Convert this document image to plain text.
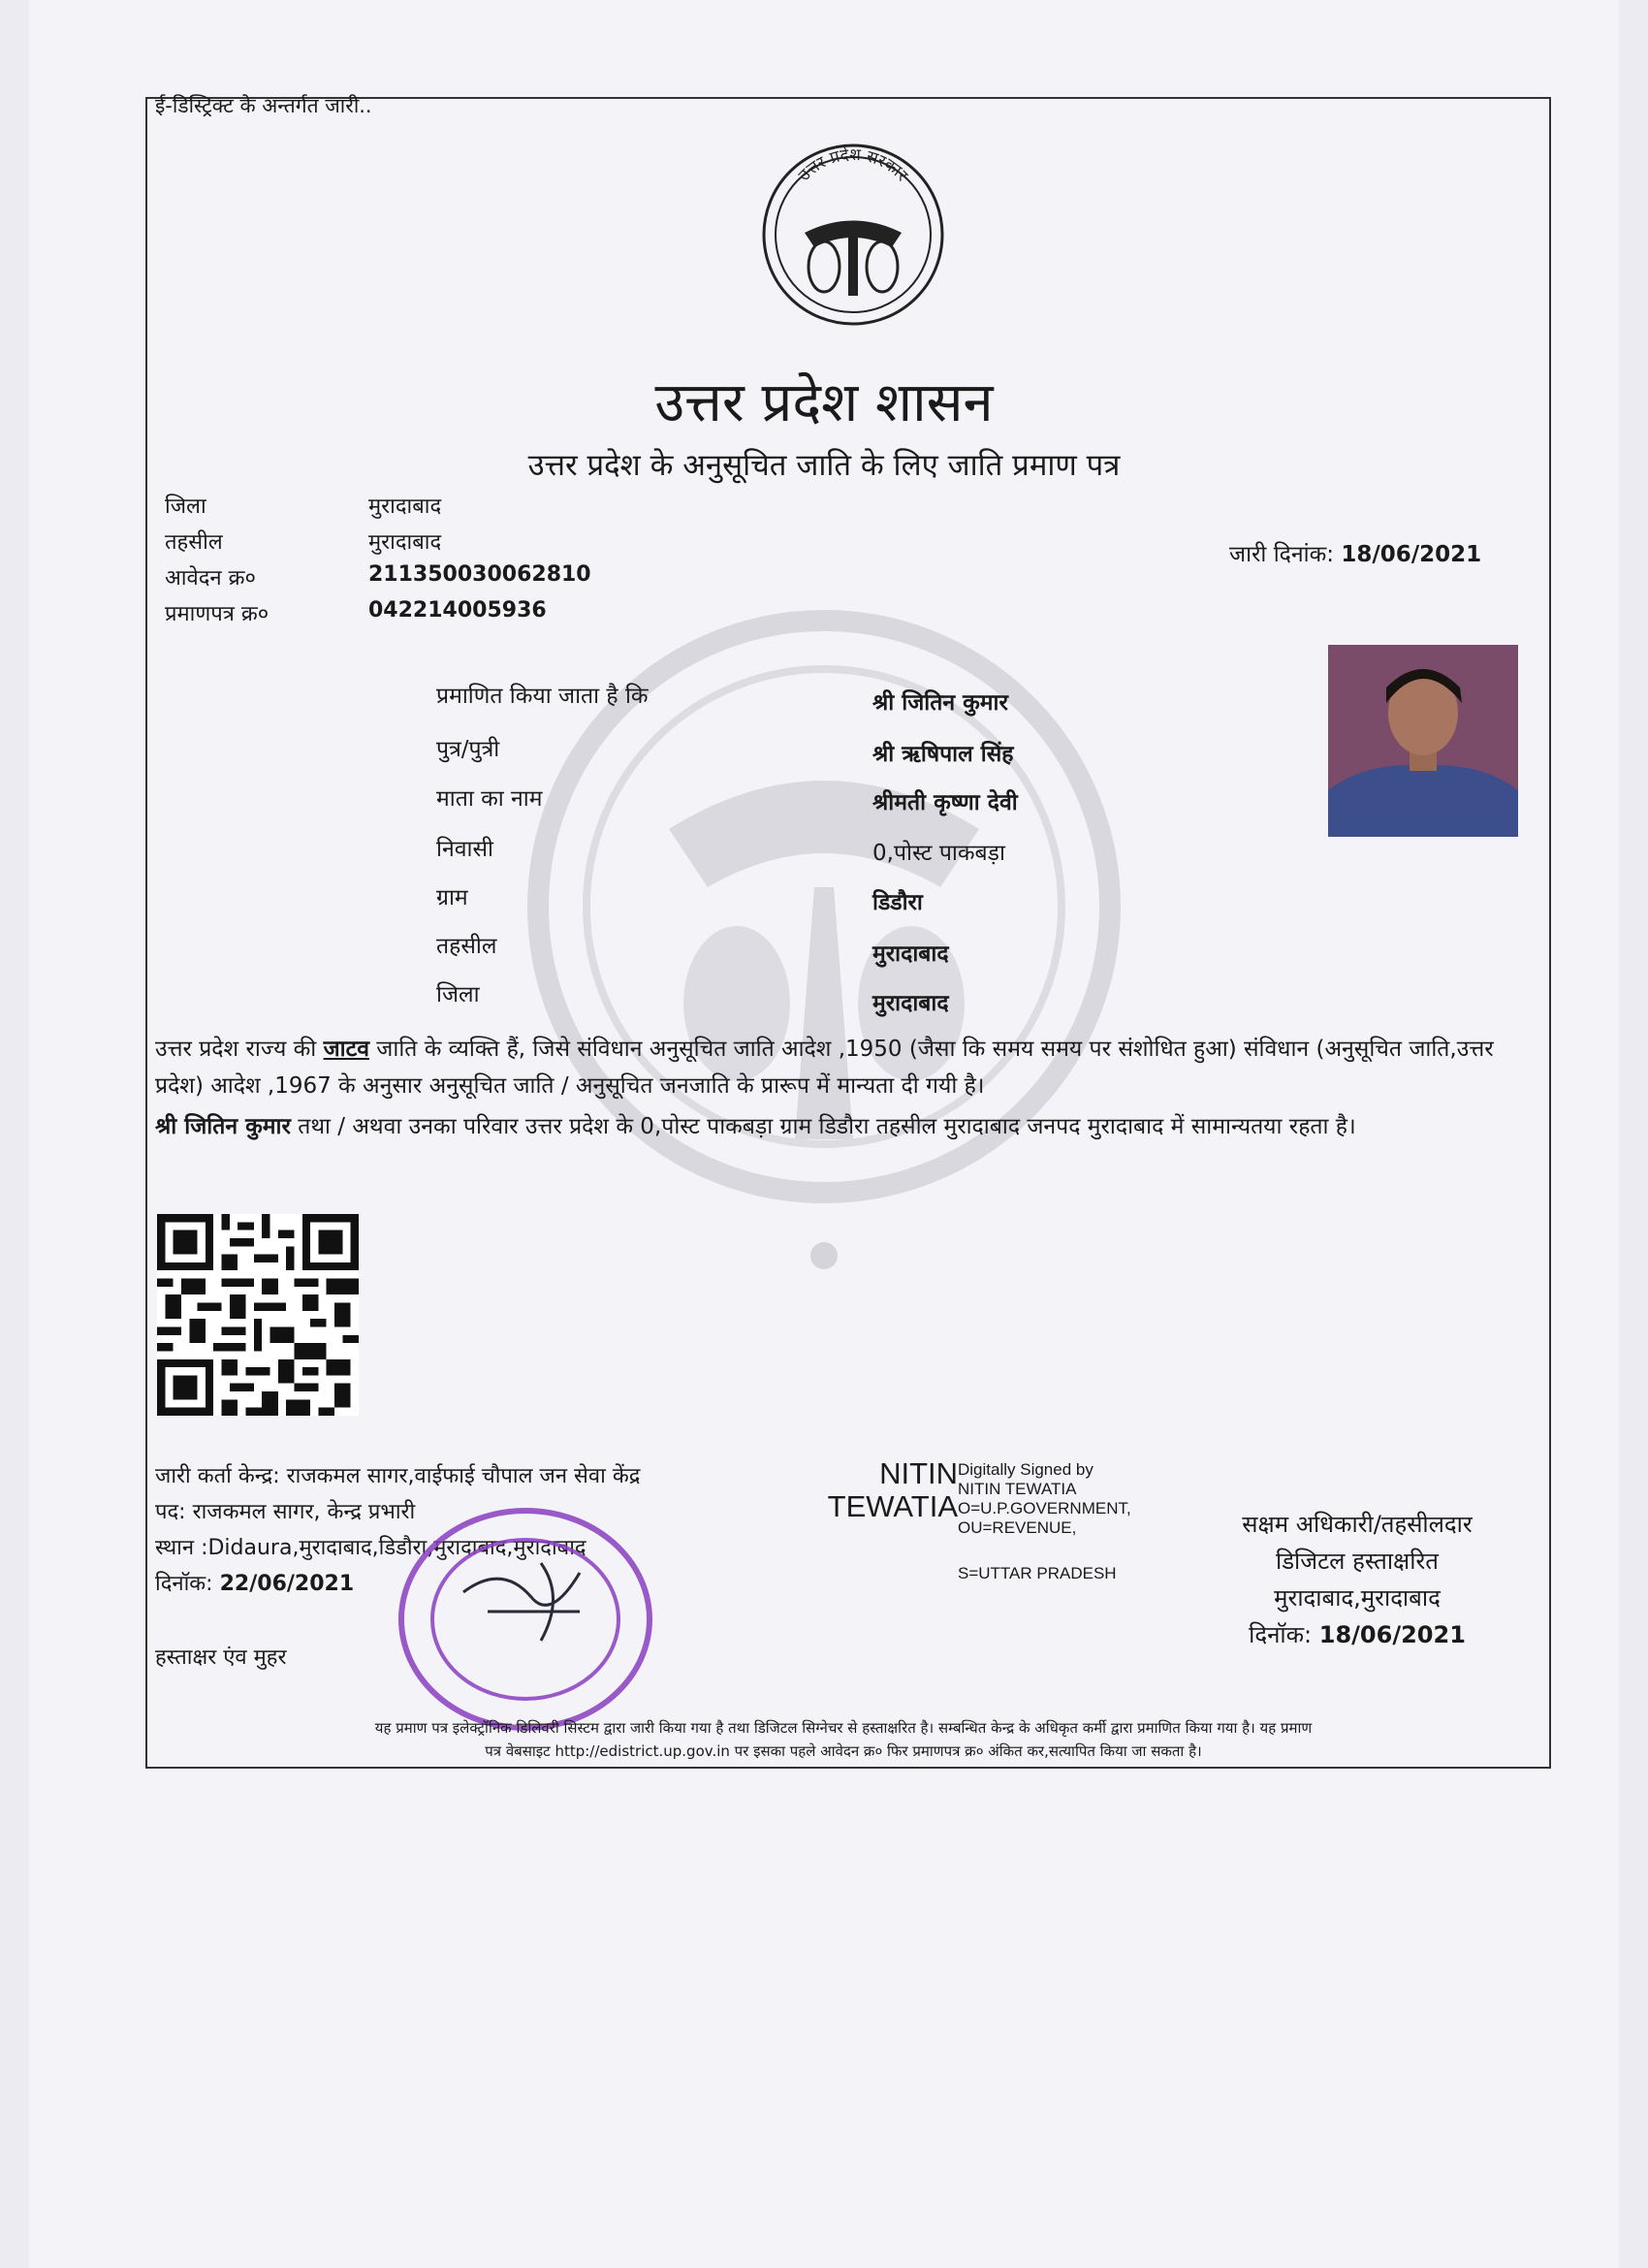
ई-डिस्ट्रिक्ट के अन्तर्गत जारी..
उत्तर प्रदेश सरकार
उत्तर प्रदेश शासन
उत्तर प्रदेश के अनुसूचित जाति के लिए जाति प्रमाण पत्र
जिला	मुरादाबाद
तहसील	मुरादाबाद
आवेदन क्र०	211350030062810
प्रमाणपत्र क्र०	042214005936
जारी दिनांक: 18/06/2021
प्रमाणित किया जाता है कि	श्री जितिन कुमार
पुत्र/पुत्री	श्री ऋषिपाल सिंह
माता का नाम	श्रीमती कृष्णा देवी
निवासी	0,पोस्ट पाकबड़ा
ग्राम	डिडौरा
तहसील	मुरादाबाद
जिला	मुरादाबाद
उत्तर प्रदेश राज्य की जाटव जाति के व्यक्ति हैं, जिसे संविधान अनुसूचित जाति आदेश ,1950 (जैसा कि समय समय पर संशोधित हुआ) संविधान (अनुसूचित जाति,उत्तर प्रदेश) आदेश ,1967 के अनुसार अनुसूचित जाति / अनुसूचित जनजाति के प्रारूप में मान्यता दी गयी है।
श्री जितिन कुमार तथा / अथवा उनका परिवार उत्तर प्रदेश के 0,पोस्ट पाकबड़ा ग्राम डिडौरा तहसील मुरादाबाद जनपद मुरादाबाद में सामान्यतया रहता है।
जारी कर्ता केन्द्र: राजकमल सागर,वाईफाई चौपाल जन सेवा केंद्र
पद: राजकमल सागर, केन्द्र प्रभारी
स्थान :Didaura,मुरादाबाद,डिडौरा,मुरादाबाद,मुरादाबाद
दिनॉक: 22/06/2021
हस्ताक्षर एंव मुहर
NITIN
TEWATIA
Digitally Signed by
NITIN TEWATIA
O=U.P.GOVERNMENT,
OU=REVENUE,
S=UTTAR PRADESH
सक्षम अधिकारी/तहसीलदार
डिजिटल हस्ताक्षरित
मुरादाबाद,मुरादाबाद
दिनॉक: 18/06/2021
यह प्रमाण पत्र इलेक्ट्रॉनिक डिलिवरी सिस्टम द्वारा जारी किया गया है तथा डिजिटल सिग्नेचर से हस्ताक्षरित है। सम्बन्धित केन्द्र के अधिकृत कर्मी द्वारा प्रमाणित किया गया है। यह प्रमाण
पत्र वेबसाइट http://edistrict.up.gov.in पर इसका पहले आवेदन क्र० फिर प्रमाणपत्र क्र० अंकित कर,सत्यापित किया जा सकता है।
